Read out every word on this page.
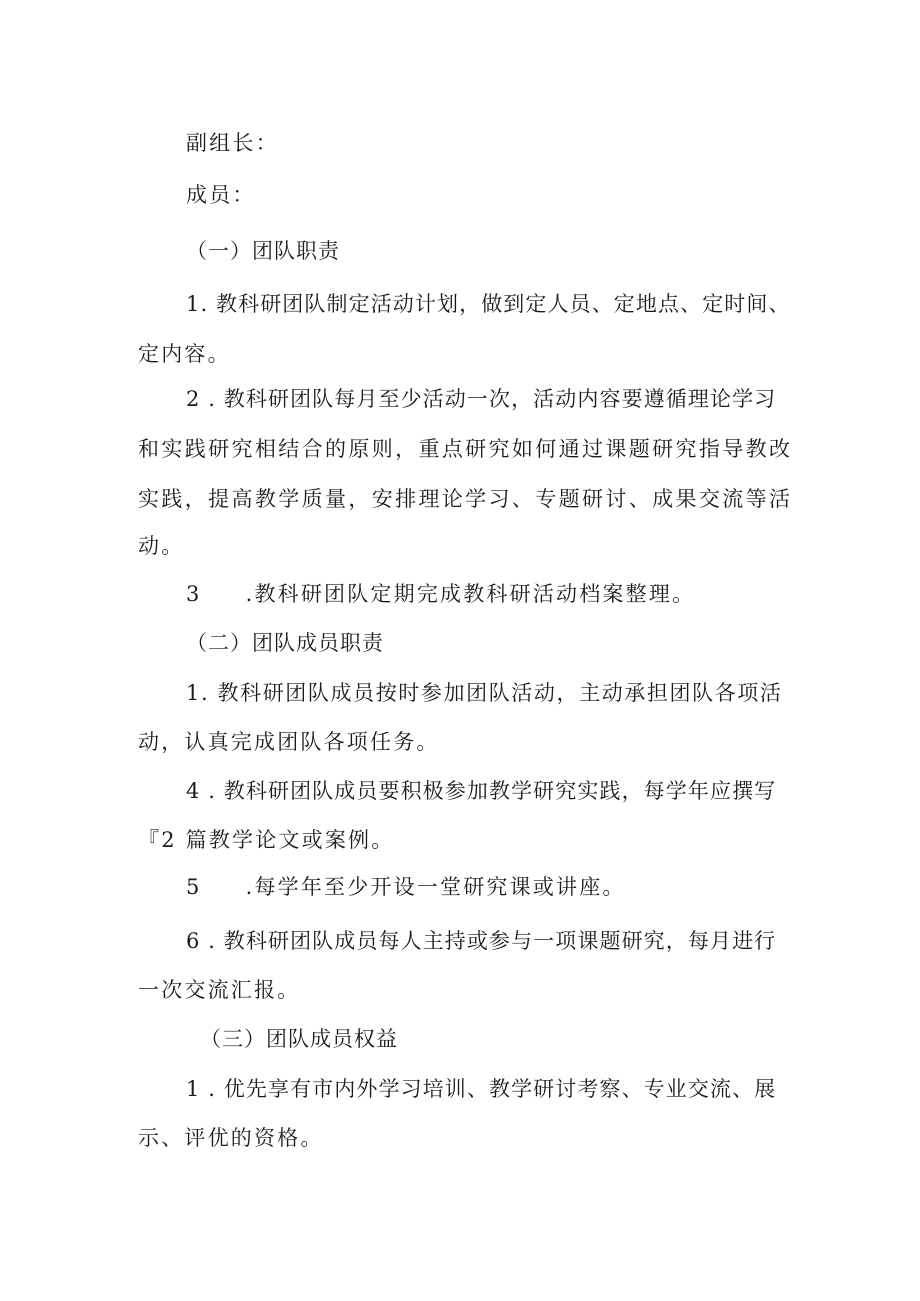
副组长：

成员：

（一）团队职责

1. 教科研团队制定活动计划，做到定人员、定地点、定时间、

定内容。

2 . 教科研团队每月至少活动一次，活动内容要遵循理论学习

和实践研究相结合的原则，重点研究如何通过课题研究指导教改

实践，提高教学质量，安排理论学习、专题研讨、成果交流等活

动。

3 .教科研团队定期完成教科研活动档案整理。

（二）团队成员职责

1. 教科研团队成员按时参加团队活动，主动承担团队各项活

动，认真完成团队各项任务。

4 . 教科研团队成员要积极参加教学研究实践，每学年应撰写

『2 篇教学论文或案例。

5 .每学年至少开设一堂研究课或讲座。

6 . 教科研团队成员每人主持或参与一项课题研究，每月进行

一次交流汇报。

（三）团队成员权益

1 . 优先享有市内外学习培训、教学研讨考察、专业交流、展

示、评优的资格。
